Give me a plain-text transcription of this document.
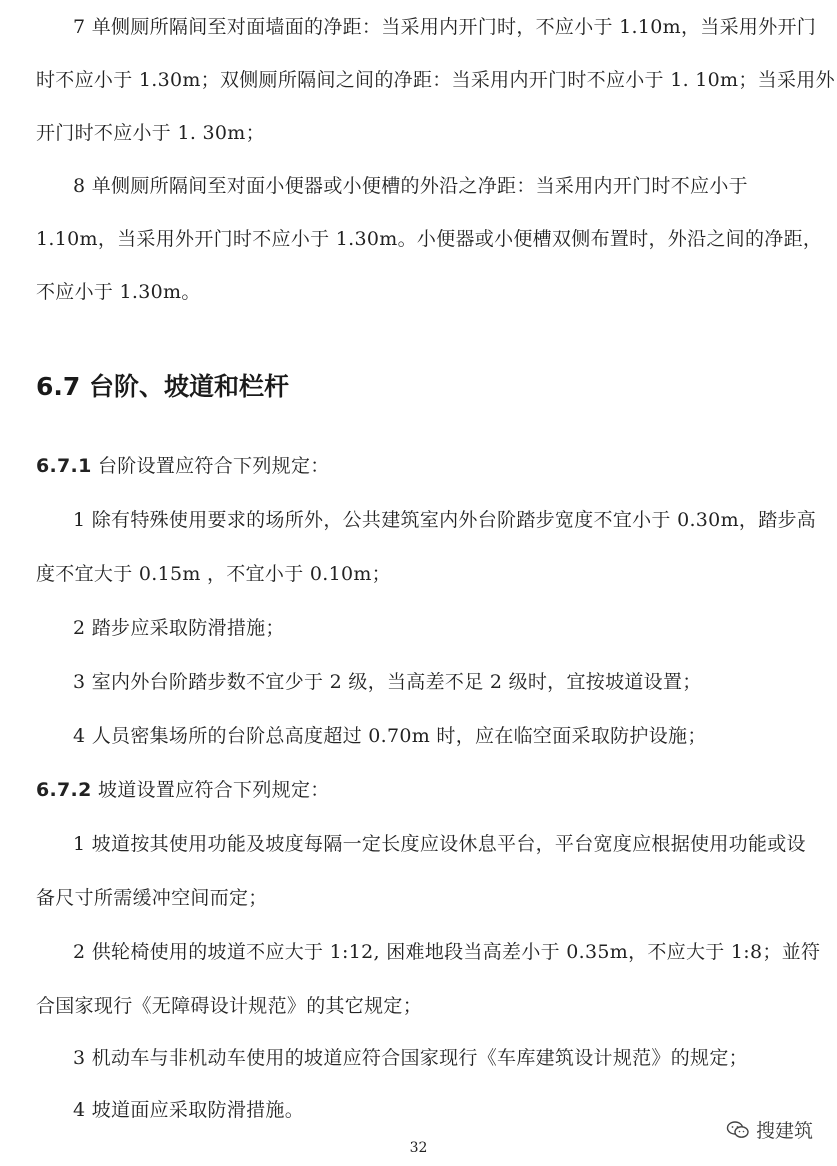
7 单侧厕所隔间至对面墙面的净距：当采用内开门时，不应小于 1.10m，当采用外开门
时不应小于 1.30m；双侧厕所隔间之间的净距：当采用内开门时不应小于 1. 10m；当采用外
开门时不应小于 1. 30m；
8 单侧厕所隔间至对面小便器或小便槽的外沿之净距：当采用内开门时不应小于
1.10m，当采用外开门时不应小于 1.30m。小便器或小便槽双侧布置时，外沿之间的净距，
不应小于 1.30m。
6.7 台阶、坡道和栏杆
6.7.1 台阶设置应符合下列规定：
1 除有特殊使用要求的场所外，公共建筑室内外台阶踏步宽度不宜小于 0.30m，踏步高
度不宜大于 0.15m ，不宜小于 0.10m；
2 踏步应采取防滑措施；
3 室内外台阶踏步数不宜少于 2 级，当高差不足 2 级时，宜按坡道设置；
4 人员密集场所的台阶总高度超过 0.70m 时，应在临空面采取防护设施；
6.7.2 坡道设置应符合下列规定：
1 坡道按其使用功能及坡度每隔一定长度应设休息平台，平台宽度应根据使用功能或设
备尺寸所需缓冲空间而定；
2 供轮椅使用的坡道不应大于 1:12, 困难地段当高差小于 0.35m，不应大于 1:8；並符
合国家现行《无障碍设计规范》的其它规定；
3 机动车与非机动车使用的坡道应符合国家现行《车库建筑设计规范》的规定；
4 坡道面应采取防滑措施。
32
搜建筑
